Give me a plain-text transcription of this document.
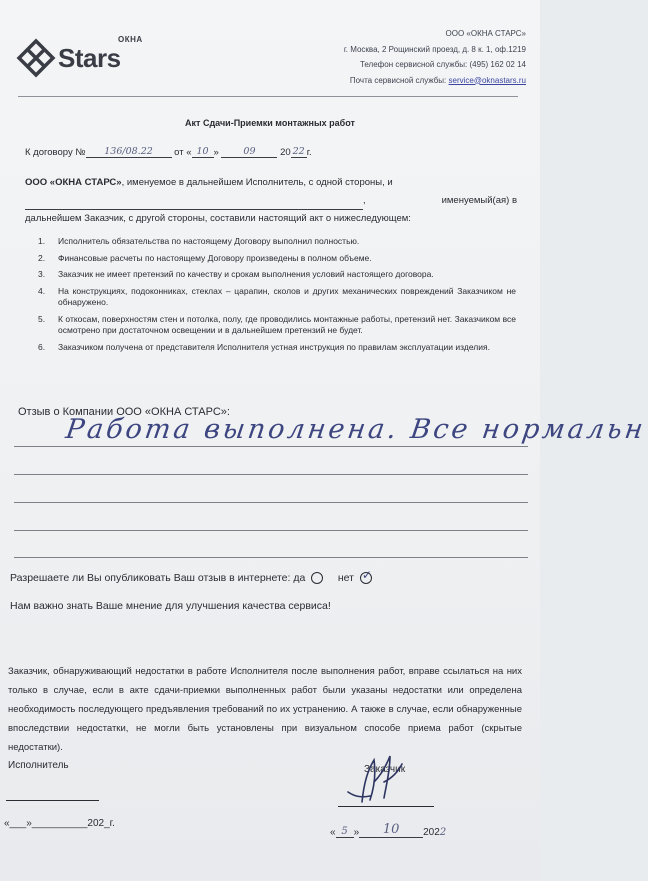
ОКНА
Stars
ООО «ОКНА СТАРС»
г. Москва, 2 Рощинский проезд, д. 8 к. 1, оф.1219
Телефон сервисной службы: (495) 162 02 14
Почта сервисной службы: service@oknastars.ru
Акт Сдачи-Приемки монтажных работ
К договору № 136/08.22 от « 10 »	09	20 22 г.
ООО «ОКНА СТАРС», именуемое в дальнейшем Исполнитель, с одной стороны, и
,	именуемый(ая) в

дальнейшем Заказчик, с другой стороны, составили настоящий акт о нижеследующем:
1. Исполнитель обязательства по настоящему Договору выполнил полностью.
2. Финансовые расчеты по настоящему Договору произведены в полном объеме.
3. Заказчик не имеет претензий по качеству и срокам выполнения условий настоящего договора.
4. На конструкциях, подоконниках, стеклах – царапин, сколов и других механических повреждений Заказчиком не обнаружено.
5. К откосам, поверхностям стен и потолка, полу, где проводились монтажные работы, претензий нет. Заказчиком все осмотрено при достаточном освещении и в дальнейшем претензий не будет.
6. Заказчиком получена от представителя Исполнителя устная инструкция по правилам эксплуатации изделия.
Отзыв о Компании ООО «ОКНА СТАРС»:
Работа выполнена. Все нормальн
Разрешаете ли Вы опубликовать Ваш отзыв в интернете: да	нет ✓
Нам важно знать Ваше мнение для улучшения качества сервиса!
Заказчик, обнаруживающий недостатки в работе Исполнителя после выполнения работ, вправе ссылаться на них только в случае, если в акте сдачи-приемки выполненных работ были указаны недостатки или определена необходимость последующего предъявления требований по их устранению. А также в случае, если обнаруженные впоследствии недостатки, не могли быть установлены при визуальном способе приема работ (скрытые недостатки).
Исполнитель
«___»__________202_г.
Заказчик
« 5 » 10 2022
